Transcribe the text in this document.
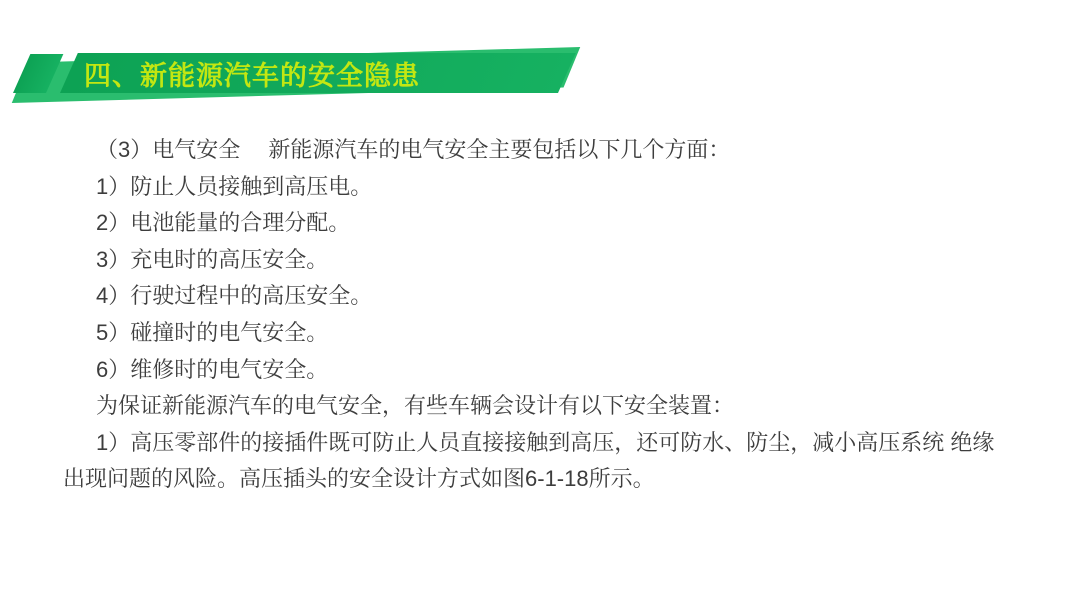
四、新能源汽车的安全隐患
（3）电气安全　 新能源汽车的电气安全主要包括以下几个方面：
1）防止人员接触到高压电。
2）电池能量的合理分配。
3）充电时的高压安全。
4）行驶过程中的高压安全。
5）碰撞时的电气安全。
6）维修时的电气安全。
为保证新能源汽车的电气安全，有些车辆会设计有以下安全装置：
1）高压零部件的接插件既可防止人员直接接触到高压，还可防水、防尘，减小高压系统 绝缘
出现问题的风险。高压插头的安全设计方式如图6-1-18所示。
